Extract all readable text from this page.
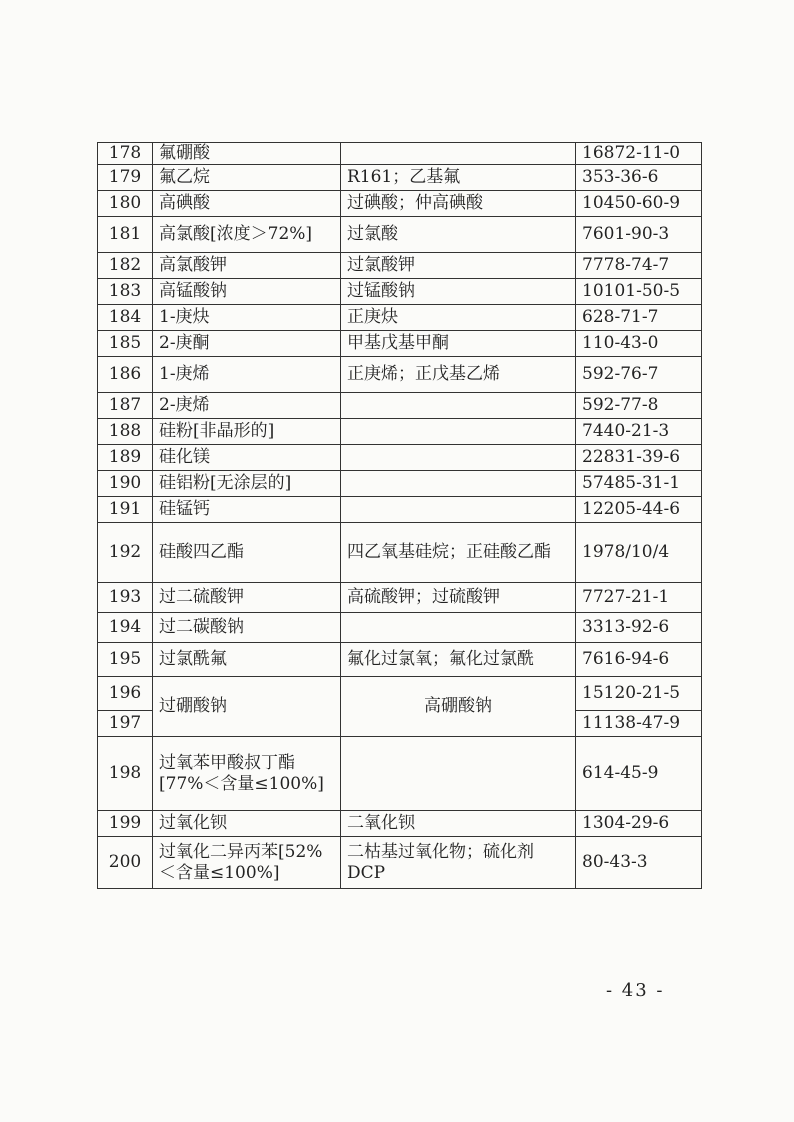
178	氟硼酸		16872-11-0
179	氟乙烷	R161；乙基氟	353-36-6
180	高碘酸	过碘酸；仲高碘酸	10450-60-9
181	高氯酸[浓度＞72%]	过氯酸	7601-90-3
182	高氯酸钾	过氯酸钾	7778-74-7
183	高锰酸钠	过锰酸钠	10101-50-5
184	1-庚炔	正庚炔	628-71-7
185	2-庚酮	甲基戊基甲酮	110-43-0
186	1-庚烯	正庚烯；正戊基乙烯	592-76-7
187	2-庚烯		592-77-8
188	硅粉[非晶形的]		7440-21-3
189	硅化镁		22831-39-6
190	硅铝粉[无涂层的]		57485-31-1
191	硅锰钙		12205-44-6
192	硅酸四乙酯	四乙氧基硅烷；正硅酸乙酯	1978/10/4
193	过二硫酸钾	高硫酸钾；过硫酸钾	7727-21-1
194	过二碳酸钠		3313-92-6
195	过氯酰氟	氟化过氯氧；氟化过氯酰	7616-94-6
196	过硼酸钠	高硼酸钠	15120-21-5
197			11138-47-9
198	过氧苯甲酸叔丁酯[77%＜含量≤100%]		614-45-9
199	过氧化钡	二氧化钡	1304-29-6
200	过氧化二异丙苯[52%＜含量≤100%]	二枯基过氧化物；硫化剂DCP	80-43-3
- 43 -
